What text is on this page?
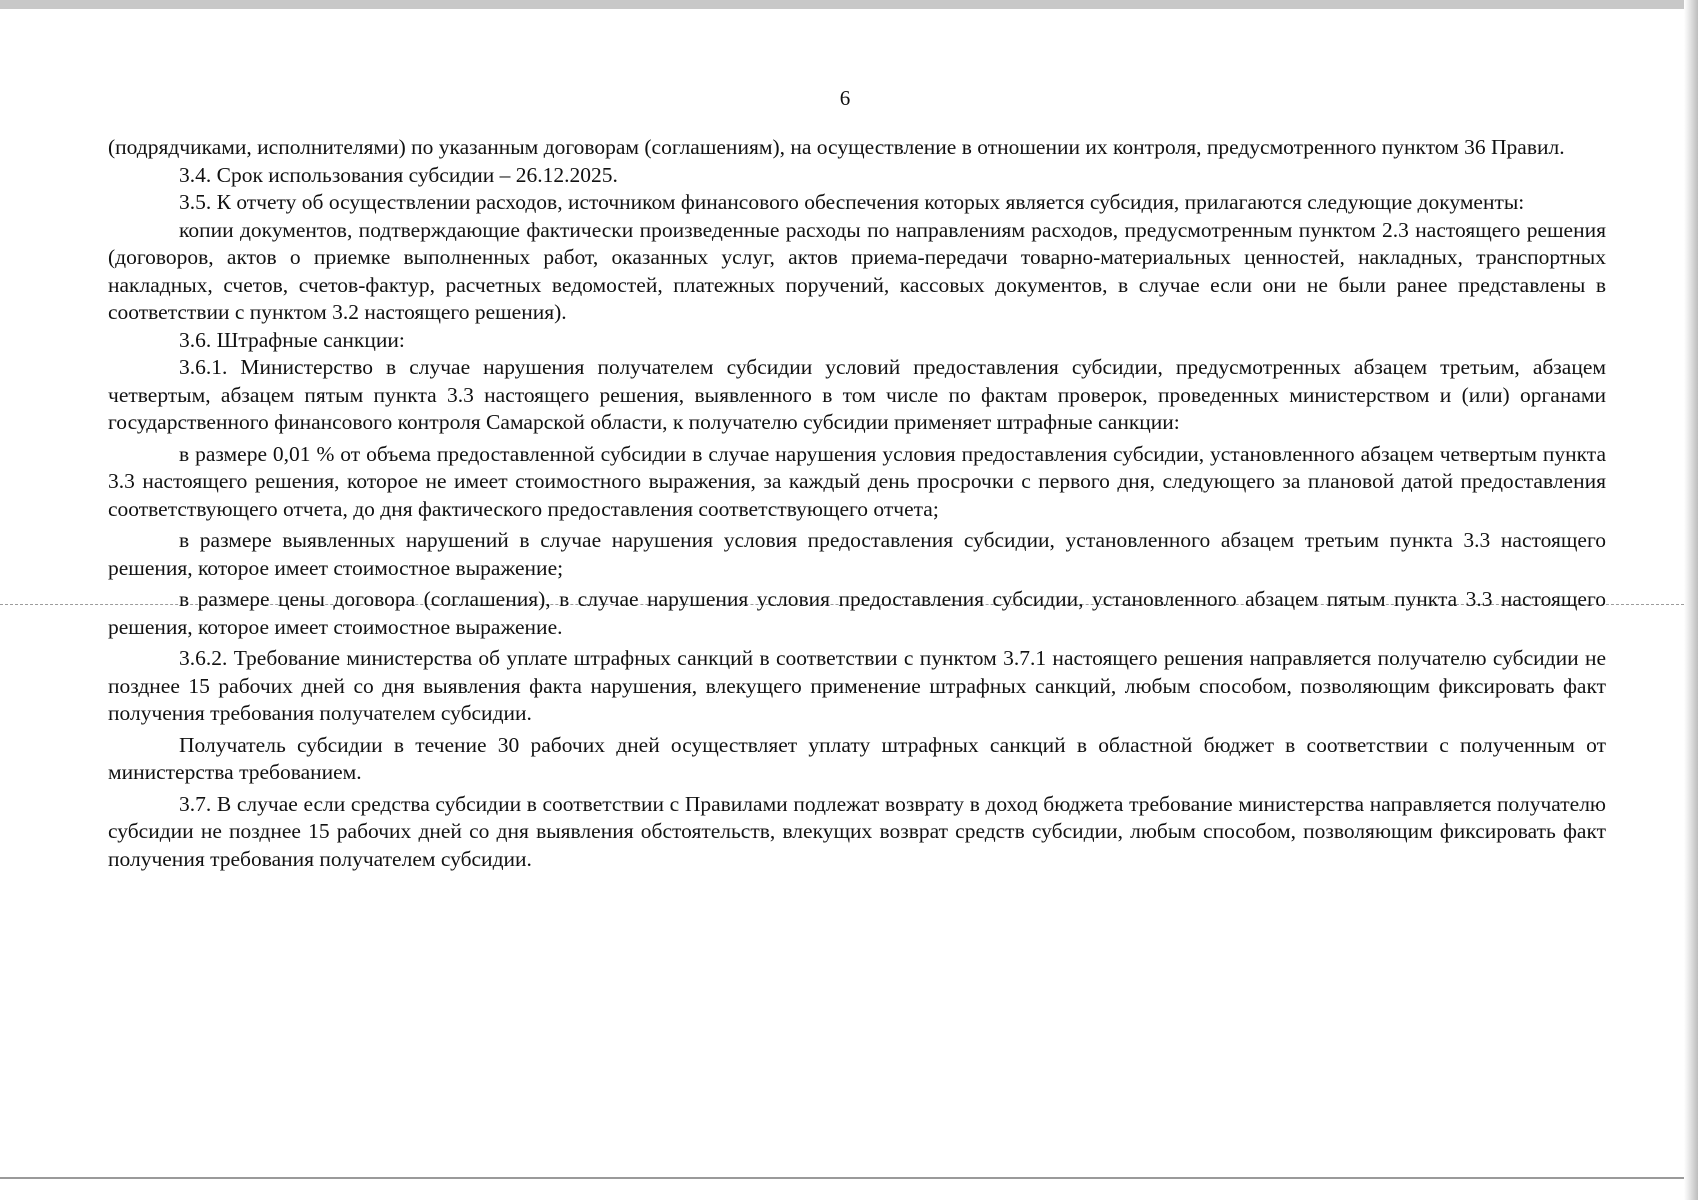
6

(подрядчиками, исполнителями) по указанным договорам (соглашениям), на осуществление в отношении их контроля, предусмотренного пунктом 36 Правил.

3.4. Срок использования субсидии – 26.12.2025.

3.5. К отчету об осуществлении расходов, источником финансового обеспечения которых является субсидия, прилагаются следующие документы:

копии документов, подтверждающие фактически произведенные расходы по направлениям расходов, предусмотренным пунктом 2.3 настоящего решения (договоров, актов о приемке выполненных работ, оказанных услуг, актов приема-передачи товарно-материальных ценностей, накладных, транспортных накладных, счетов, счетов-фактур, расчетных ведомостей, платежных поручений, кассовых документов, в случае если они не были ранее представлены в соответствии с пунктом 3.2 настоящего решения).

3.6. Штрафные санкции:

3.6.1. Министерство в случае нарушения получателем субсидии условий предоставления субсидии, предусмотренных абзацем третьим, абзацем четвертым, абзацем пятым пункта 3.3 настоящего решения, выявленного в том числе по фактам проверок, проведенных министерством и (или) органами государственного финансового контроля Самарской области, к получателю субсидии применяет штрафные санкции:

в размере 0,01 % от объема предоставленной субсидии в случае нарушения условия предоставления субсидии, установленного абзацем четвертым пункта 3.3 настоящего решения, которое не имеет стоимостного выражения, за каждый день просрочки с первого дня, следующего за плановой датой предоставления соответствующего отчета, до дня фактического предоставления соответствующего отчета;

в размере выявленных нарушений в случае нарушения условия предоставления субсидии, установленного абзацем третьим пункта 3.3 настоящего решения, которое имеет стоимостное выражение;

в размере цены договора (соглашения), в случае нарушения условия предоставления субсидии, установленного абзацем пятым пункта 3.3 настоящего решения, которое имеет стоимостное выражение.

3.6.2. Требование министерства об уплате штрафных санкций в соответствии с пунктом 3.7.1 настоящего решения направляется получателю субсидии не позднее 15 рабочих дней со дня выявления факта нарушения, влекущего применение штрафных санкций, любым способом, позволяющим фиксировать факт получения требования получателем субсидии.

Получатель субсидии в течение 30 рабочих дней осуществляет уплату штрафных санкций в областной бюджет в соответствии с полученным от министерства требованием.

3.7. В случае если средства субсидии в соответствии с Правилами подлежат возврату в доход бюджета требование министерства направляется получателю субсидии не позднее 15 рабочих дней со дня выявления обстоятельств, влекущих возврат средств субсидии, любым способом, позволяющим фиксировать факт получения требования получателем субсидии.
